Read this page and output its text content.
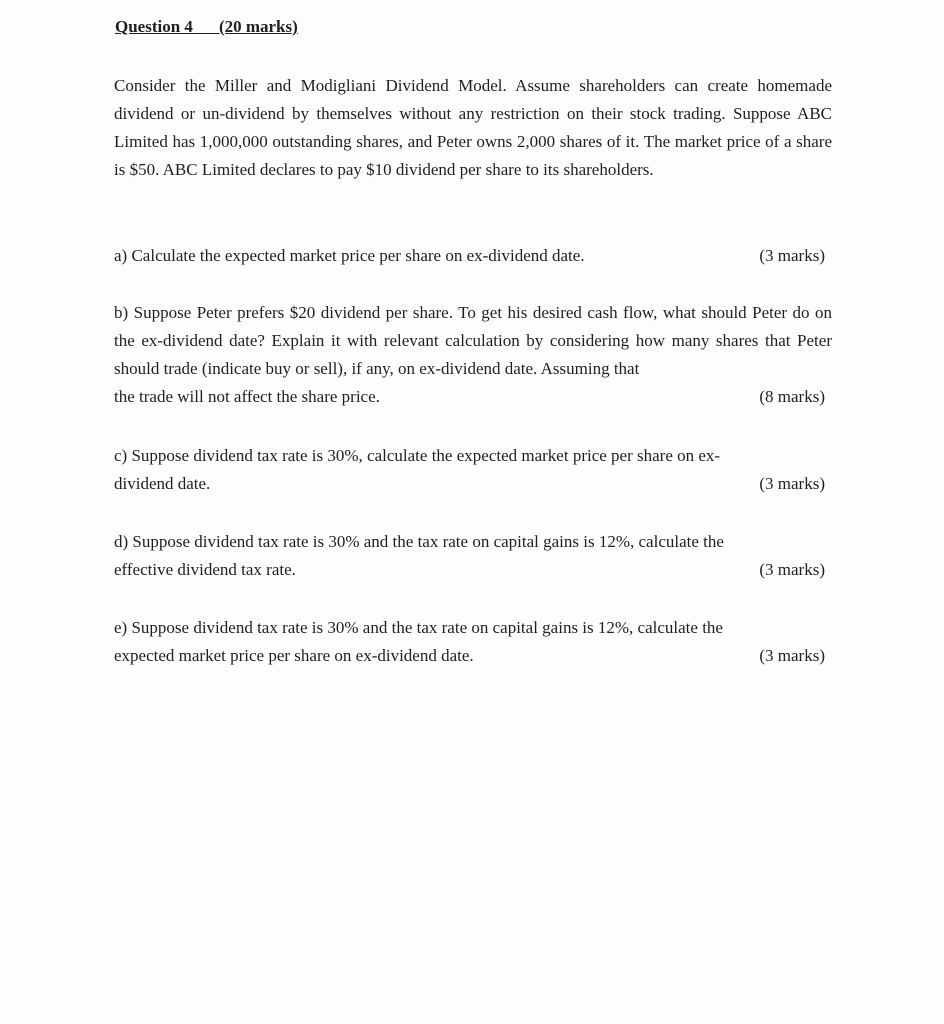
Question 4 (20 marks)
Consider the Miller and Modigliani Dividend Model. Assume shareholders can create homemade dividend or un-dividend by themselves without any restriction on their stock trading. Suppose ABC Limited has 1,000,000 outstanding shares, and Peter owns 2,000 shares of it. The market price of a share is $50. ABC Limited declares to pay $10 dividend per share to its shareholders.
a) Calculate the expected market price per share on ex-dividend date.	(3 marks)
b) Suppose Peter prefers $20 dividend per share. To get his desired cash flow, what should Peter do on the ex-dividend date? Explain it with relevant calculation by considering how many shares that Peter should trade (indicate buy or sell), if any, on ex-dividend date. Assuming that
the trade will not affect the share price.	(8 marks)
c) Suppose dividend tax rate is 30%, calculate the expected market price per share on ex-
dividend date.	(3 marks)
d) Suppose dividend tax rate is 30% and the tax rate on capital gains is 12%, calculate the
effective dividend tax rate.	(3 marks)
e) Suppose dividend tax rate is 30% and the tax rate on capital gains is 12%, calculate the
expected market price per share on ex-dividend date.	(3 marks)
